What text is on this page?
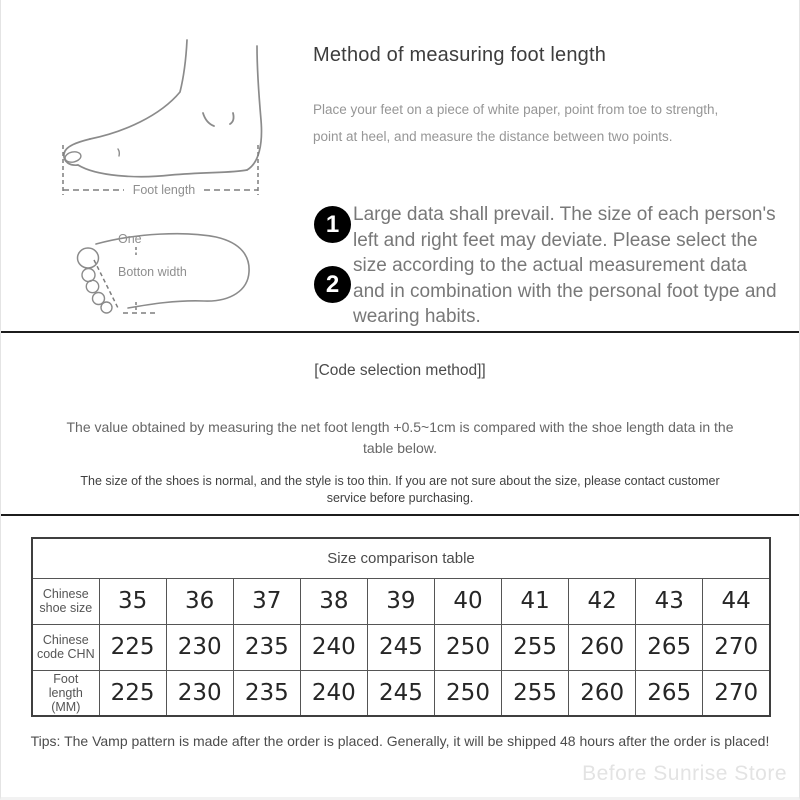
Foot length
One
Botton width
Method of measuring foot length
Place your feet on a piece of white paper, point from toe to strength,
point at heel, and measure the distance between two points.
1
2
Large data shall prevail. The size of each person's
left and right feet may deviate. Please select the
size according to the actual measurement data
and in combination with the personal foot type and
wearing habits.
[Code selection method]]

The value obtained by measuring the net foot length +0.5~1cm is compared with the shoe length data in the table below.

The size of the shoes is normal, and the style is too thin. If you are not sure about the size, please contact customer service before purchasing.

Size comparison table										
Chinese shoe size	35	36	37	38	39	40	41	42	43	44
Chinese code CHN	225	230	235	240	245	250	255	260	265	270
Foot length (MM)	225	230	235	240	245	250	255	260	265	270

Tips: The Vamp pattern is made after the order is placed. Generally, it will be shipped 48 hours after the order is placed!

Before Sunrise Store
